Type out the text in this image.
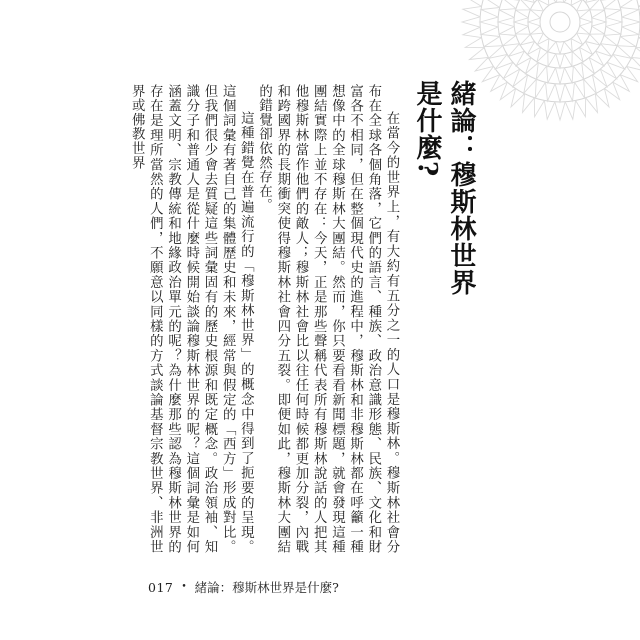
緒論：穆斯林世界是什麼?

在當今的世界上，有大約有五分之一的人口是穆斯林。穆斯林社會分布在全球各個角落，它們的語言、種族、政治意識形態、民族、文化和財富各不相同，但在整個現代史的進程中，穆斯林和非穆斯林都在呼籲一種想像中的全球穆斯林大團結。然而，你只要看看新聞標題，就會發現這種團結實際上並不存在：今天，正是那些聲稱代表所有穆斯林說話的人把其他穆斯林當作他們的敵人；穆斯林社會比以往任何時候都更加分裂，內戰和跨國界的長期衝突使得穆斯林社會四分五裂。即便如此，穆斯林大團結的錯覺卻依然存在。

這種錯覺在普遍流行的「穆斯林世界」的概念中得到了扼要的呈現。這個詞彙有著自己的集體歷史和未來，經常與假定的「西方」形成對比。但我們很少會去質疑這些詞彙固有的歷史根源和既定概念。政治領袖、知識分子和普通人是從什麼時候開始談論穆斯林世界的呢？這個詞彙是如何涵蓋文明、宗教傳統和地緣政治單元的呢？為什麼那些認為穆斯林世界的存在是理所當然的人們，不願意以同樣的方式談論基督宗教世界、非洲世界或佛教世界

017 • 緒論：穆斯林世界是什麼?
